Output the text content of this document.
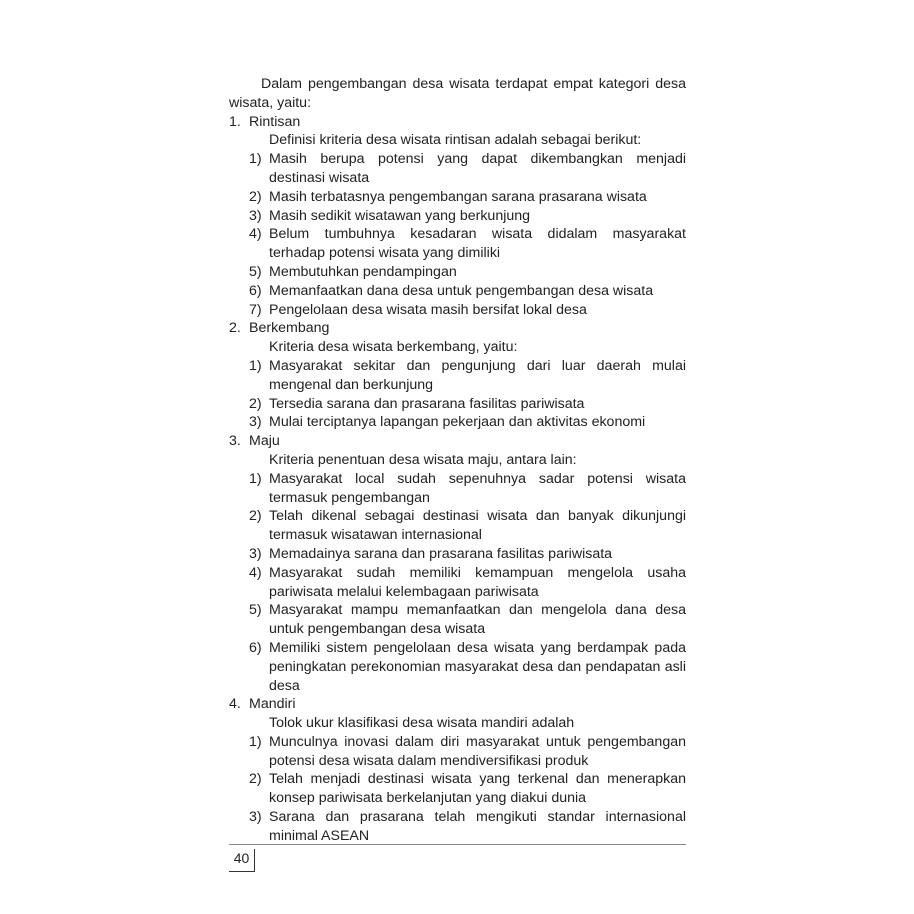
Dalam pengembangan desa wisata terdapat empat kategori desa wisata, yaitu:

1. Rintisan
Definisi kriteria desa wisata rintisan adalah sebagai berikut:
1) Masih berupa potensi yang dapat dikembangkan menjadi destinasi wisata
2) Masih terbatasnya pengembangan sarana prasarana wisata
3) Masih sedikit wisatawan yang berkunjung
4) Belum tumbuhnya kesadaran wisata didalam masyarakat terhadap potensi wisata yang dimiliki
5) Membutuhkan pendampingan
6) Memanfaatkan dana desa untuk pengembangan desa wisata
7) Pengelolaan desa wisata masih bersifat lokal desa
2. Berkembang
Kriteria desa wisata berkembang, yaitu:
1) Masyarakat sekitar dan pengunjung dari luar daerah mulai mengenal dan berkunjung
2) Tersedia sarana dan prasarana fasilitas pariwisata
3) Mulai terciptanya lapangan pekerjaan dan aktivitas ekonomi
3. Maju
Kriteria penentuan desa wisata maju, antara lain:
1) Masyarakat local sudah sepenuhnya sadar potensi wisata termasuk pengembangan
2) Telah dikenal sebagai destinasi wisata dan banyak dikunjungi termasuk wisatawan internasional
3) Memadainya sarana dan prasarana fasilitas pariwisata
4) Masyarakat sudah memiliki kemampuan mengelola usaha pariwisata melalui kelembagaan pariwisata
5) Masyarakat mampu memanfaatkan dan mengelola dana desa untuk pengembangan desa wisata
6) Memiliki sistem pengelolaan desa wisata yang berdampak pada peningkatan perekonomian masyarakat desa dan pendapatan asli desa
4. Mandiri
Tolok ukur klasifikasi desa wisata mandiri adalah
1) Munculnya inovasi dalam diri masyarakat untuk pengembangan potensi desa wisata dalam mendiversifikasi produk
2) Telah menjadi destinasi wisata yang terkenal dan menerapkan konsep pariwisata berkelanjutan yang diakui dunia
3) Sarana dan prasarana telah mengikuti standar internasional minimal ASEAN
40
